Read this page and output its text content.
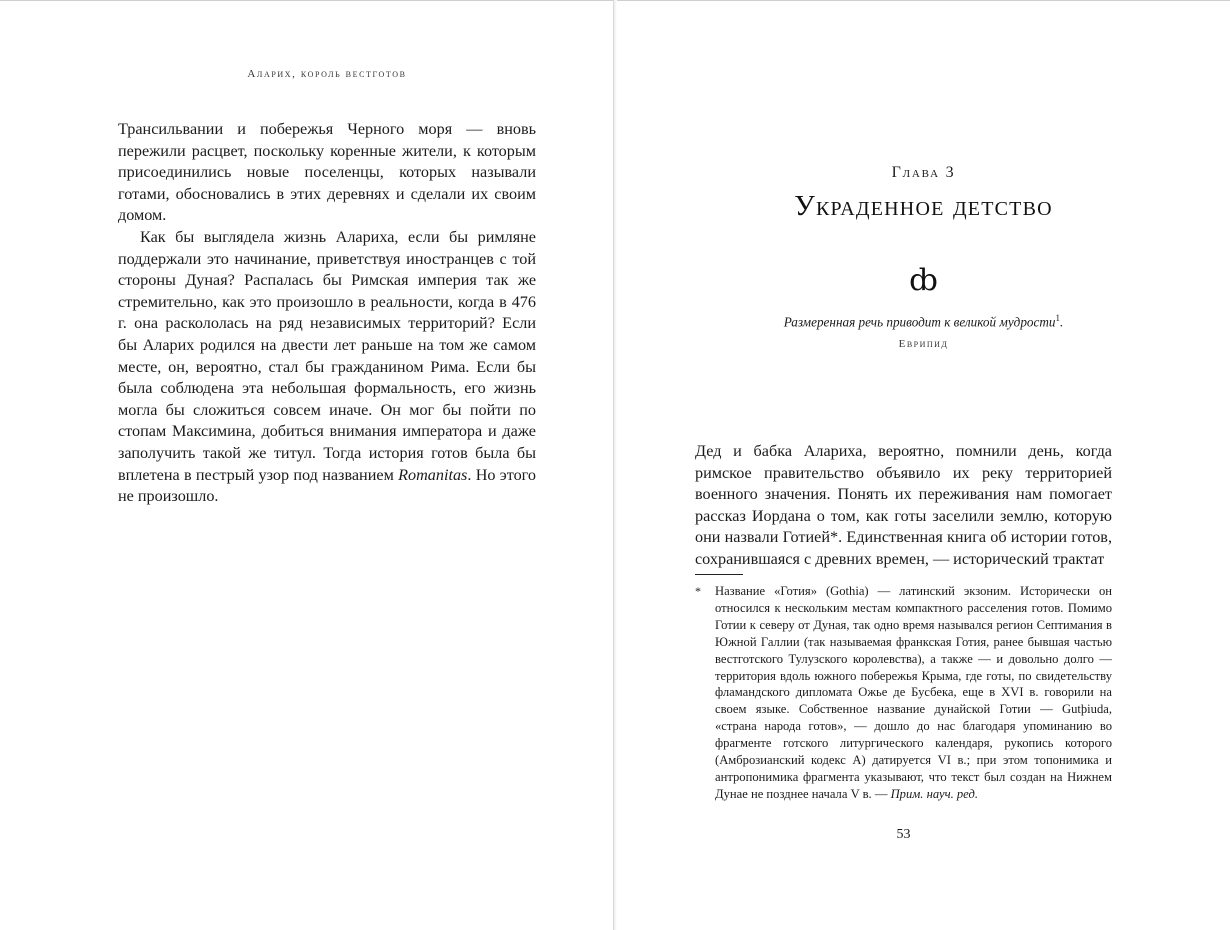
Аларих, король вестготов

Трансильвании и побережья Черного моря — вновь пережили расцвет, поскольку коренные жители, к которым присоединились новые поселенцы, которых называли готами, обосновались в этих деревнях и сделали их своим домом.

Как бы выглядела жизнь Алариха, если бы римляне поддержали это начинание, приветствуя иностранцев с той стороны Дуная? Распалась бы Римская империя так же стремительно, как это произошло в реальности, когда в 476 г. она раскололась на ряд независимых территорий? Если бы Аларих родился на двести лет раньше на том же самом месте, он, вероятно, стал бы гражданином Рима. Если бы была соблюдена эта небольшая формальность, его жизнь могла бы сложиться совсем иначе. Он мог бы пойти по стопам Максимина, добиться внимания императора и даже заполучить такой же титул. Тогда история готов была бы вплетена в пестрый узор под названием Romanitas. Но этого не произошло.

Глава 3
Украденное детство
ȸ
Размеренная речь приводит к великой мудрости$^1$.
Еврипид

Дед и бабка Алариха, вероятно, помнили день, когда римское правительство объявило их реку территорией военного значения. Понять их переживания нам помогает рассказ Иордана о том, как готы заселили землю, которую они назвали Готией*. Единственная книга об истории готов, сохранившаяся с древних времен, — исторический трактат

* Название «Готия» (Gothia) — латинский экзоним. Исторически он относился к нескольким местам компактного расселения готов. Помимо Готии к северу от Дуная, так одно время назывался регион Септимания в Южной Галлии (так называемая франкская Готия, ранее бывшая частью вестготского Тулузского королевства), а также — и довольно долго — территория вдоль южного побережья Крыма, где готы, по свидетельству фламандского дипломата Ожье де Бусбека, еще в XVI в. говорили на своем языке. Собственное название дунайской Готии — Gutþiuda, «страна народа готов», — дошло до нас благодаря упоминанию во фрагменте готского литургического календаря, рукопись которого (Амброзианский кодекс А) датируется VI в.; при этом топонимика и антропонимика фрагмента указывают, что текст был создан на Нижнем Дунае не позднее начала V в. — Прим. науч. ред.
53
